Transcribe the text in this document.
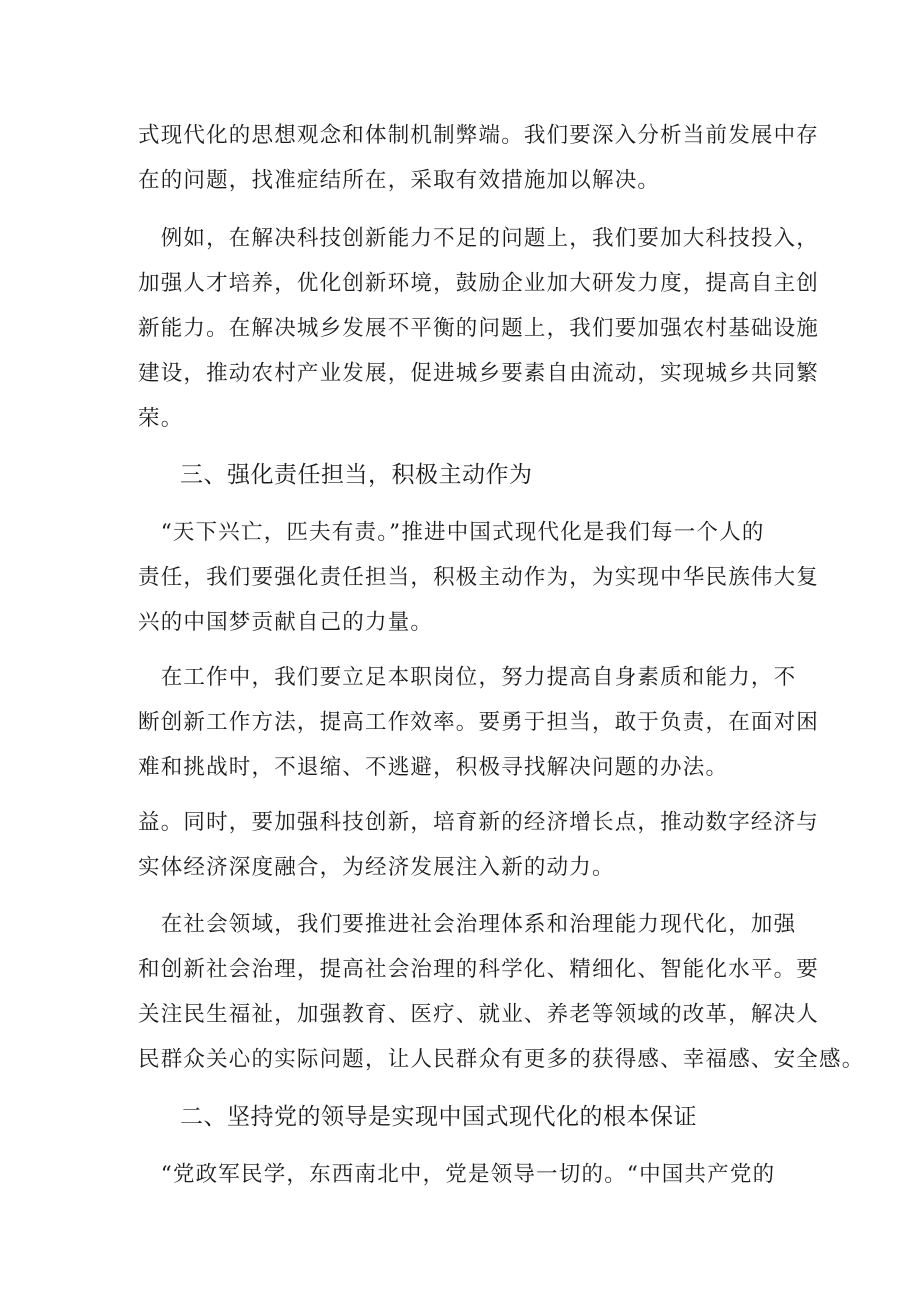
式现代化的思想观念和体制机制弊端。我们要深入分析当前发展中存
在的问题，找准症结所在，采取有效措施加以解决。

　例如，在解决科技创新能力不足的问题上，我们要加大科技投入，
加强人才培养，优化创新环境，鼓励企业加大研发力度，提高自主创
新能力。在解决城乡发展不平衡的问题上，我们要加强农村基础设施
建设，推动农村产业发展，促进城乡要素自由流动，实现城乡共同繁
荣。

三、强化责任担当，积极主动作为

　“天下兴亡，匹夫有责。”推进中国式现代化是我们每一个人的
责任，我们要强化责任担当，积极主动作为，为实现中华民族伟大复
兴的中国梦贡献自己的力量。

　在工作中，我们要立足本职岗位，努力提高自身素质和能力，不
断创新工作方法，提高工作效率。要勇于担当，敢于负责，在面对困
难和挑战时，不退缩、不逃避，积极寻找解决问题的办法。

益。同时，要加强科技创新，培育新的经济增长点，推动数字经济与
实体经济深度融合，为经济发展注入新的动力。

　在社会领域，我们要推进社会治理体系和治理能力现代化，加强
和创新社会治理，提高社会治理的科学化、精细化、智能化水平。要
关注民生福祉，加强教育、医疗、就业、养老等领域的改革，解决人
民群众关心的实际问题，让人民群众有更多的获得感、幸福感、安全感。

二、坚持党的领导是实现中国式现代化的根本保证

　“党政军民学，东西南北中，党是领导一切的。“中国共产党的
